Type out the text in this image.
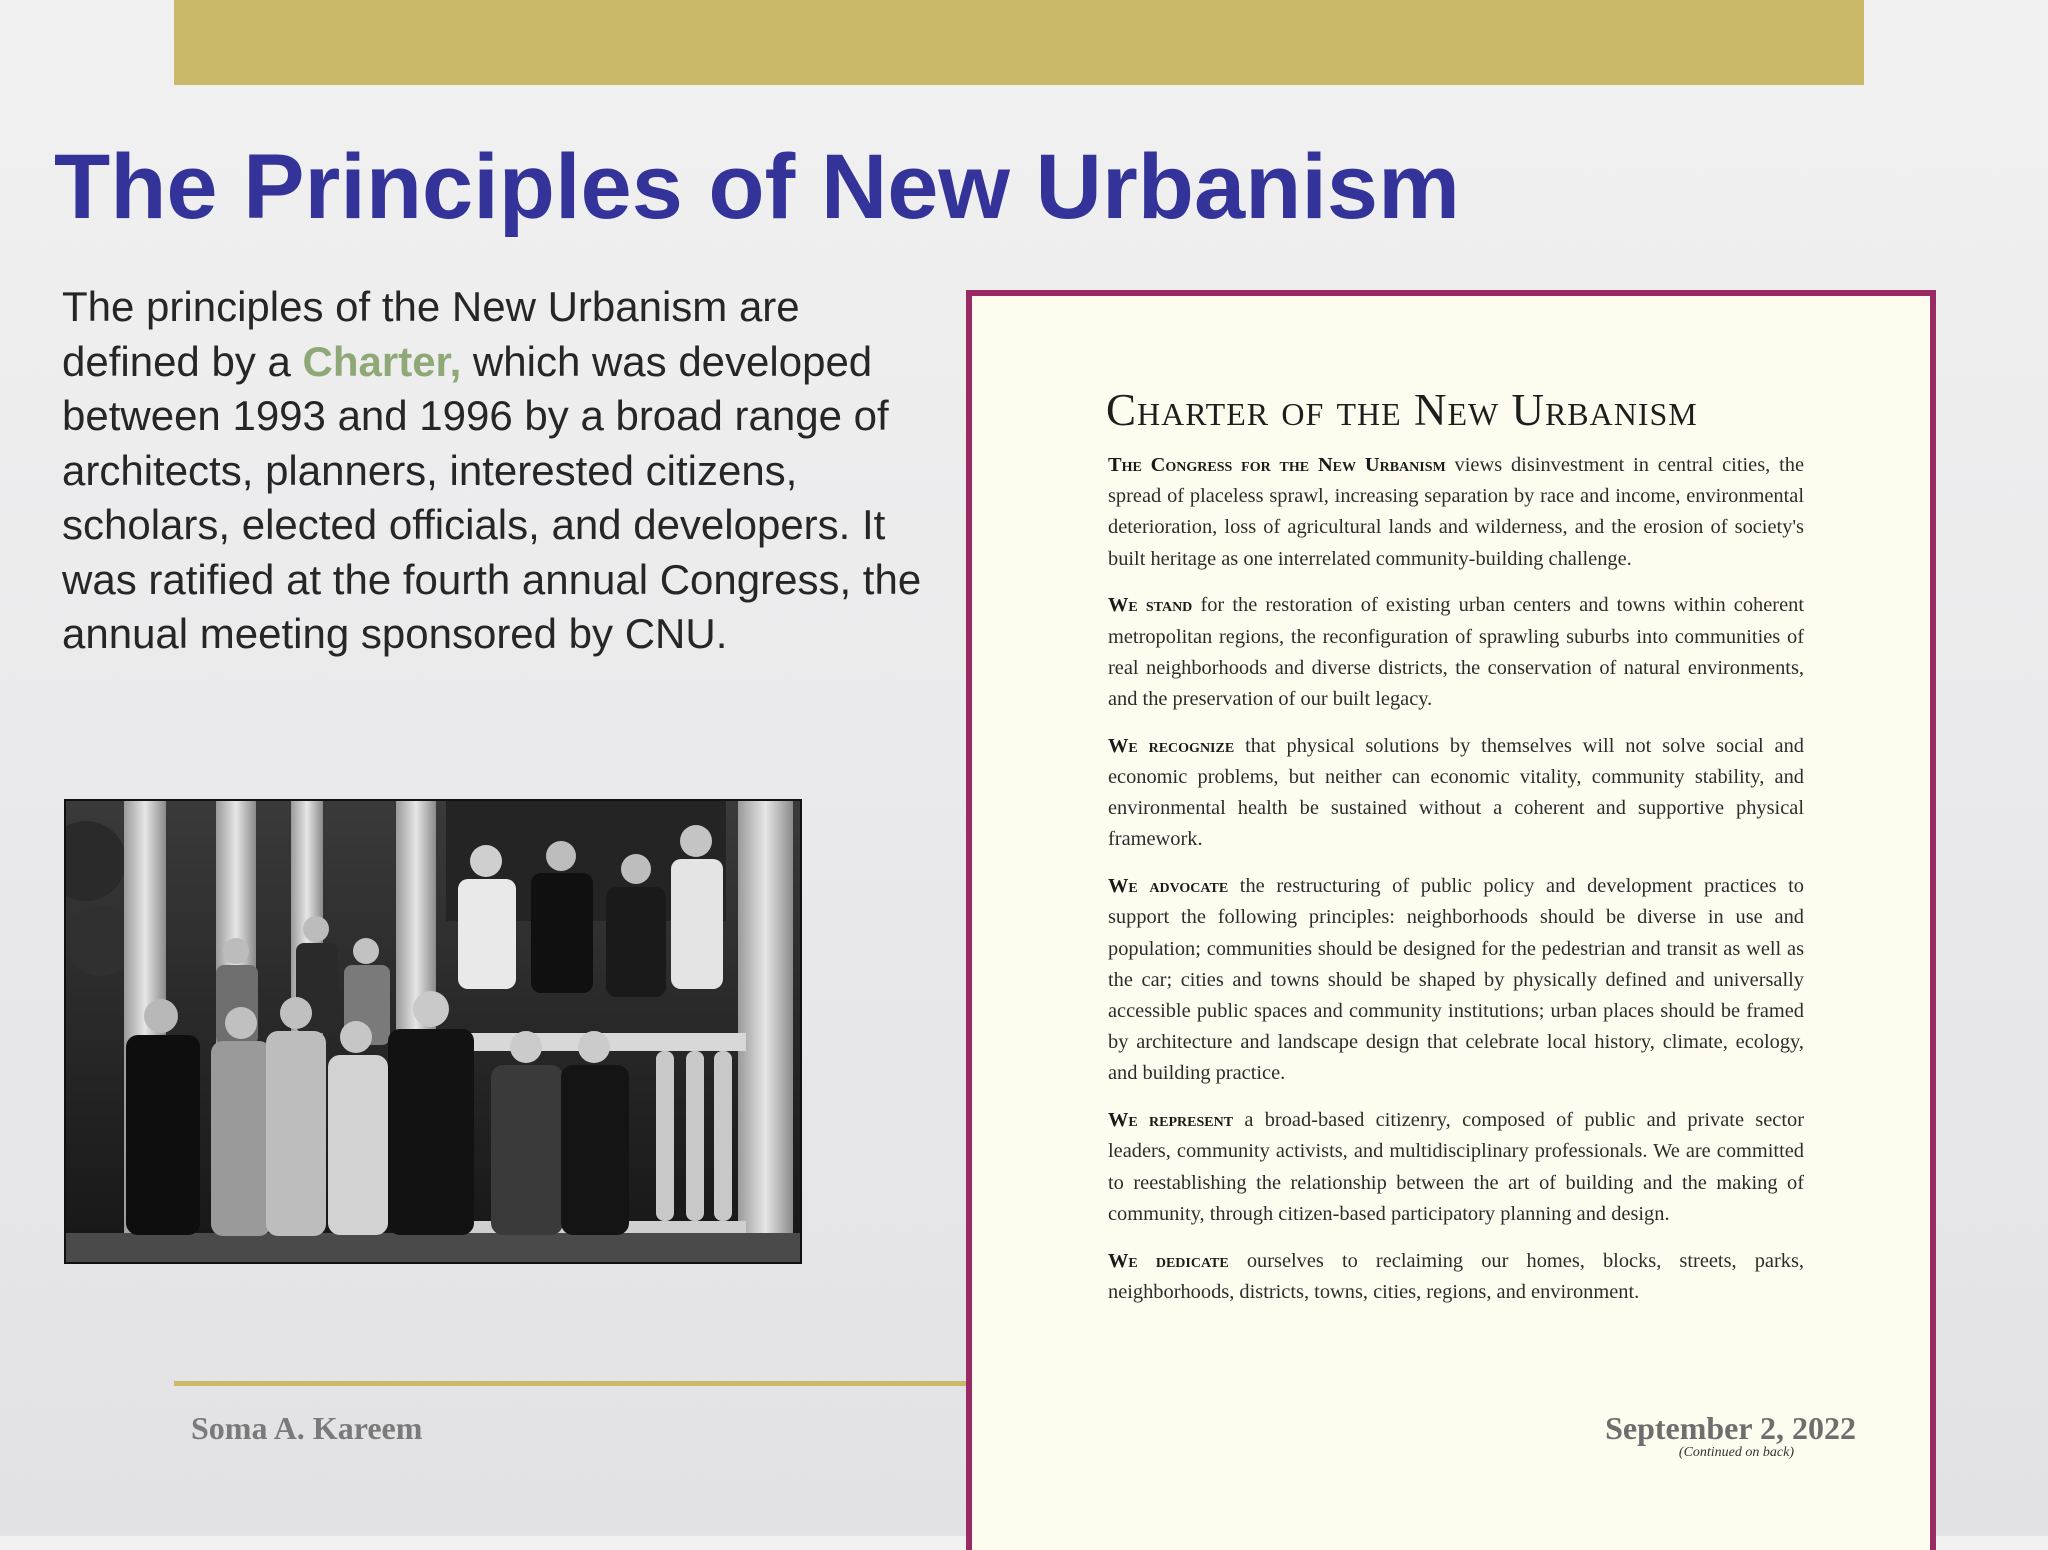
The Principles of New Urbanism

The principles of the New Urbanism are defined by a Charter, which was developed between 1993 and 1996 by a broad range of architects, planners, interested citizens, scholars, elected officials, and developers. It was ratified at the fourth annual Congress, the annual meeting sponsored by CNU.

Soma A. Kareem
Charter of the New Urbanism

The Congress for the New Urbanism views disinvestment in central cities, the spread of placeless sprawl, increasing separation by race and income, environmental deterioration, loss of agricultural lands and wilderness, and the erosion of society's built heritage as one interrelated community-building challenge.

We stand for the restoration of existing urban centers and towns within coherent metropolitan regions, the reconfiguration of sprawling suburbs into communities of real neighborhoods and diverse districts, the conservation of natural environments, and the preservation of our built legacy.

We recognize that physical solutions by themselves will not solve social and economic problems, but neither can economic vitality, community stability, and environmental health be sustained without a coherent and supportive physical framework.

We advocate the restructuring of public policy and development practices to support the following principles: neighborhoods should be diverse in use and population; communities should be designed for the pedestrian and transit as well as the car; cities and towns should be shaped by physically defined and universally accessible public spaces and community institutions; urban places should be framed by architecture and landscape design that celebrate local history, climate, ecology, and building practice.

We represent a broad-based citizenry, composed of public and private sector leaders, community activists, and multidisciplinary professionals. We are committed to reestablishing the relationship between the art of building and the making of community, through citizen-based participatory planning and design.

We dedicate ourselves to reclaiming our homes, blocks, streets, parks, neighborhoods, districts, towns, cities, regions, and environment.

(Continued on back)
September 2, 2022
